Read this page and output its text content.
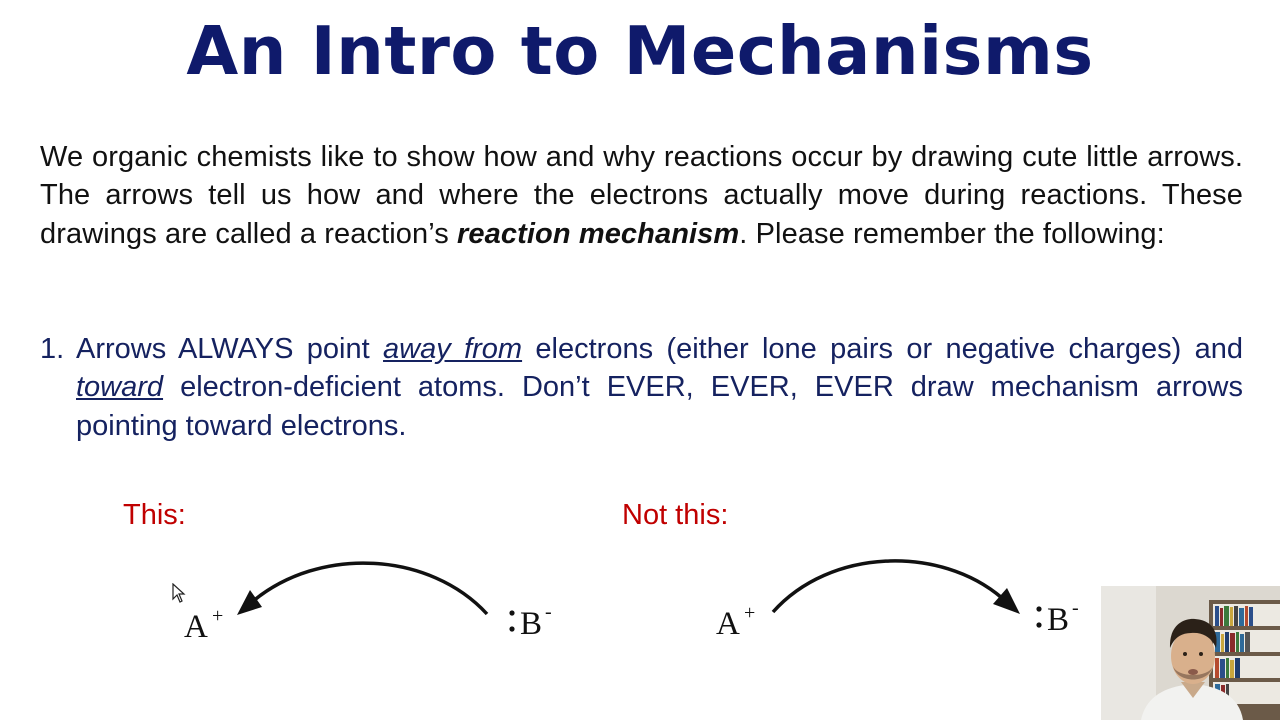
An Intro to Mechanisms
We organic chemists like to show how and why reactions occur by drawing cute little arrows. The arrows tell us how and where the electrons actually move during reactions. These drawings are called a reaction’s reaction mechanism. Please remember the following:
1. Arrows ALWAYS point away from electrons (either lone pairs or negative charges) and toward electron-deficient atoms. Don’t EVER, EVER, EVER draw mechanism arrows pointing toward electrons.
This:	Not this:
A +	B -	A +	B -
